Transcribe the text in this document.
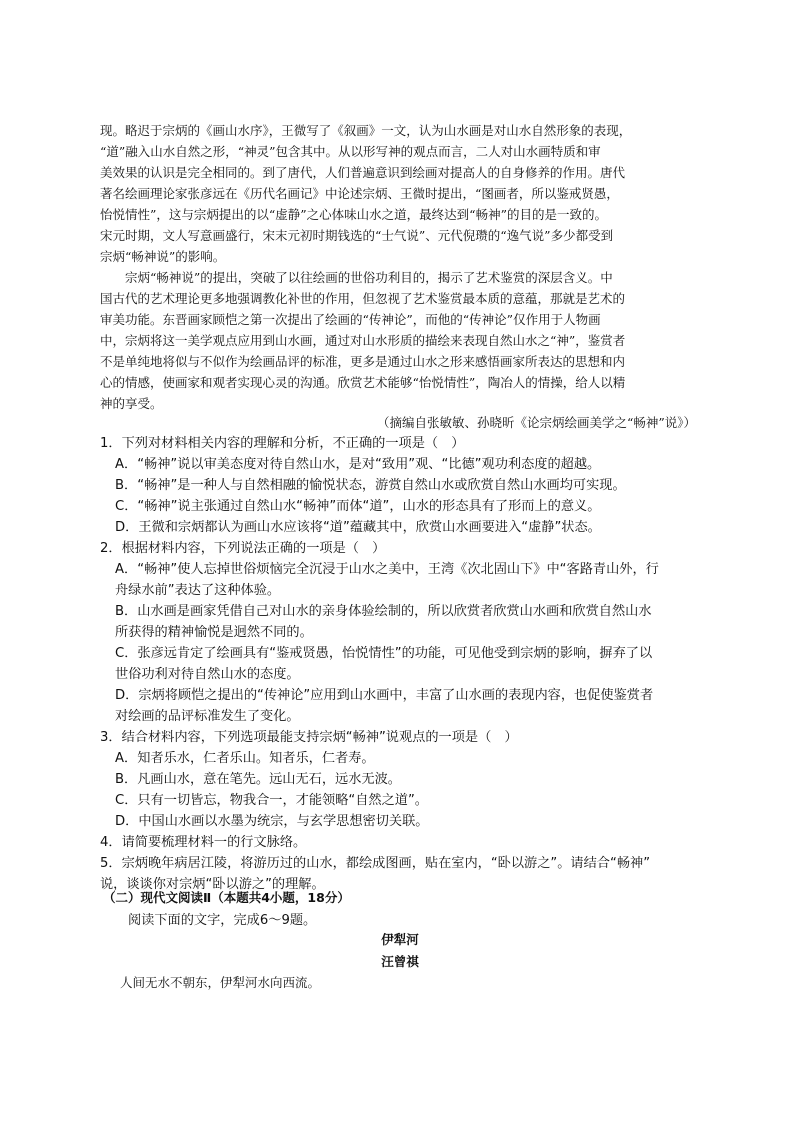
现。略迟于宗炳的《画山水序》，王微写了《叙画》一文，认为山水画是对山水自然形象的表现，
“道”融入山水自然之形，“神灵”包含其中。从以形写神的观点而言，二人对山水画特质和审
美效果的认识是完全相同的。到了唐代，人们普遍意识到绘画对提高人的自身修养的作用。唐代
著名绘画理论家张彦远在《历代名画记》中论述宗炳、王微时提出，“图画者，所以鉴戒贤愚，
怡悦情性”，这与宗炳提出的以“虚静”之心体味山水之道，最终达到“畅神”的目的是一致的。
宋元时期，文人写意画盛行，宋末元初时期钱选的“士气说”、元代倪瓒的“逸气说”多少都受到
宗炳“畅神说”的影响。
宗炳“畅神说”的提出，突破了以往绘画的世俗功利目的，揭示了艺术鉴赏的深层含义。中
国古代的艺术理论更多地强调教化补世的作用，但忽视了艺术鉴赏最本质的意蕴，那就是艺术的
审美功能。东晋画家顾恺之第一次提出了绘画的“传神论”，而他的“传神论”仅作用于人物画
中，宗炳将这一美学观点应用到山水画，通过对山水形质的描绘来表现自然山水之“神”，鉴赏者
不是单纯地将似与不似作为绘画品评的标准，更多是通过山水之形来感悟画家所表达的思想和内
心的情感，使画家和观者实现心灵的沟通。欣赏艺术能够“怡悦情性”，陶冶人的情操，给人以精
神的享受。
（摘编自张敏敏、孙晓昕《论宗炳绘画美学之“畅神”说》）
1．下列对材料相关内容的理解和分析，不正确的一项是（　）
A．“畅神”说以审美态度对待自然山水，是对“致用”观、“比德”观功利态度的超越。
B．“畅神”是一种人与自然相融的愉悦状态，游赏自然山水或欣赏自然山水画均可实现。
C．“畅神”说主张通过自然山水“畅神”而体“道”，山水的形态具有了形而上的意义。
D．王微和宗炳都认为画山水应该将“道”蕴藏其中，欣赏山水画要进入“虚静”状态。
2．根据材料内容，下列说法正确的一项是（　）
A．“畅神”使人忘掉世俗烦恼完全沉浸于山水之美中，王湾《次北固山下》中“客路青山外，行
舟绿水前”表达了这种体验。
B．山水画是画家凭借自己对山水的亲身体验绘制的，所以欣赏者欣赏山水画和欣赏自然山水
所获得的精神愉悦是迥然不同的。
C．张彦远肯定了绘画具有“鉴戒贤愚，怡悦情性”的功能，可见他受到宗炳的影响，摒弃了以
世俗功利对待自然山水的态度。
D．宗炳将顾恺之提出的“传神论”应用到山水画中，丰富了山水画的表现内容，也促使鉴赏者
对绘画的品评标准发生了变化。
3．结合材料内容，下列选项最能支持宗炳“畅神”说观点的一项是（　）
A．知者乐水，仁者乐山。知者乐，仁者寿。
B．凡画山水，意在笔先。远山无石，远水无波。
C．只有一切皆忘，物我合一，才能领略“自然之道”。
D．中国山水画以水墨为统宗，与玄学思想密切关联。
4．请简要梳理材料一的行文脉络。
5．宗炳晚年病居江陵，将游历过的山水，都绘成图画，贴在室内，“卧以游之”。请结合“畅神”
说，谈谈你对宗炳“卧以游之”的理解。
（二）现代文阅读Ⅱ（本题共4小题，18分）
阅读下面的文字，完成6～9题。
伊犁河
汪曾祺
人间无水不朝东，伊犁河水向西流。
